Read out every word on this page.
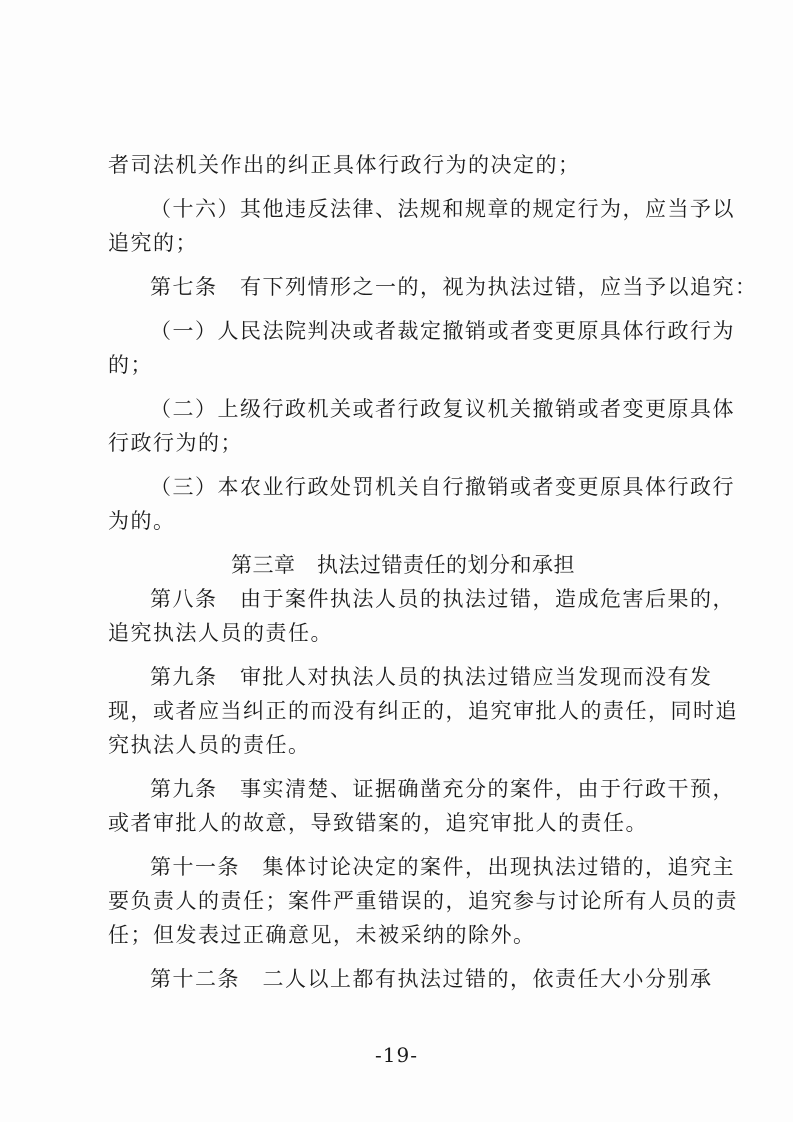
者司法机关作出的纠正具体行政行为的决定的；
（十六）其他违反法律、法规和规章的规定行为，应当予以
追究的；
第七条　有下列情形之一的，视为执法过错，应当予以追究：
（一）人民法院判决或者裁定撤销或者变更原具体行政行为
的；
（二）上级行政机关或者行政复议机关撤销或者变更原具体
行政行为的；
（三）本农业行政处罚机关自行撤销或者变更原具体行政行
为的。
第三章　执法过错责任的划分和承担
第八条　由于案件执法人员的执法过错，造成危害后果的，
追究执法人员的责任。
第九条　审批人对执法人员的执法过错应当发现而没有发
现，或者应当纠正的而没有纠正的，追究审批人的责任，同时追
究执法人员的责任。
第九条　事实清楚、证据确凿充分的案件，由于行政干预，
或者审批人的故意，导致错案的，追究审批人的责任。
第十一条　集体讨论决定的案件，出现执法过错的，追究主
要负责人的责任；案件严重错误的，追究参与讨论所有人员的责
任；但发表过正确意见，未被采纳的除外。
第十二条　二人以上都有执法过错的，依责任大小分别承
-19-
